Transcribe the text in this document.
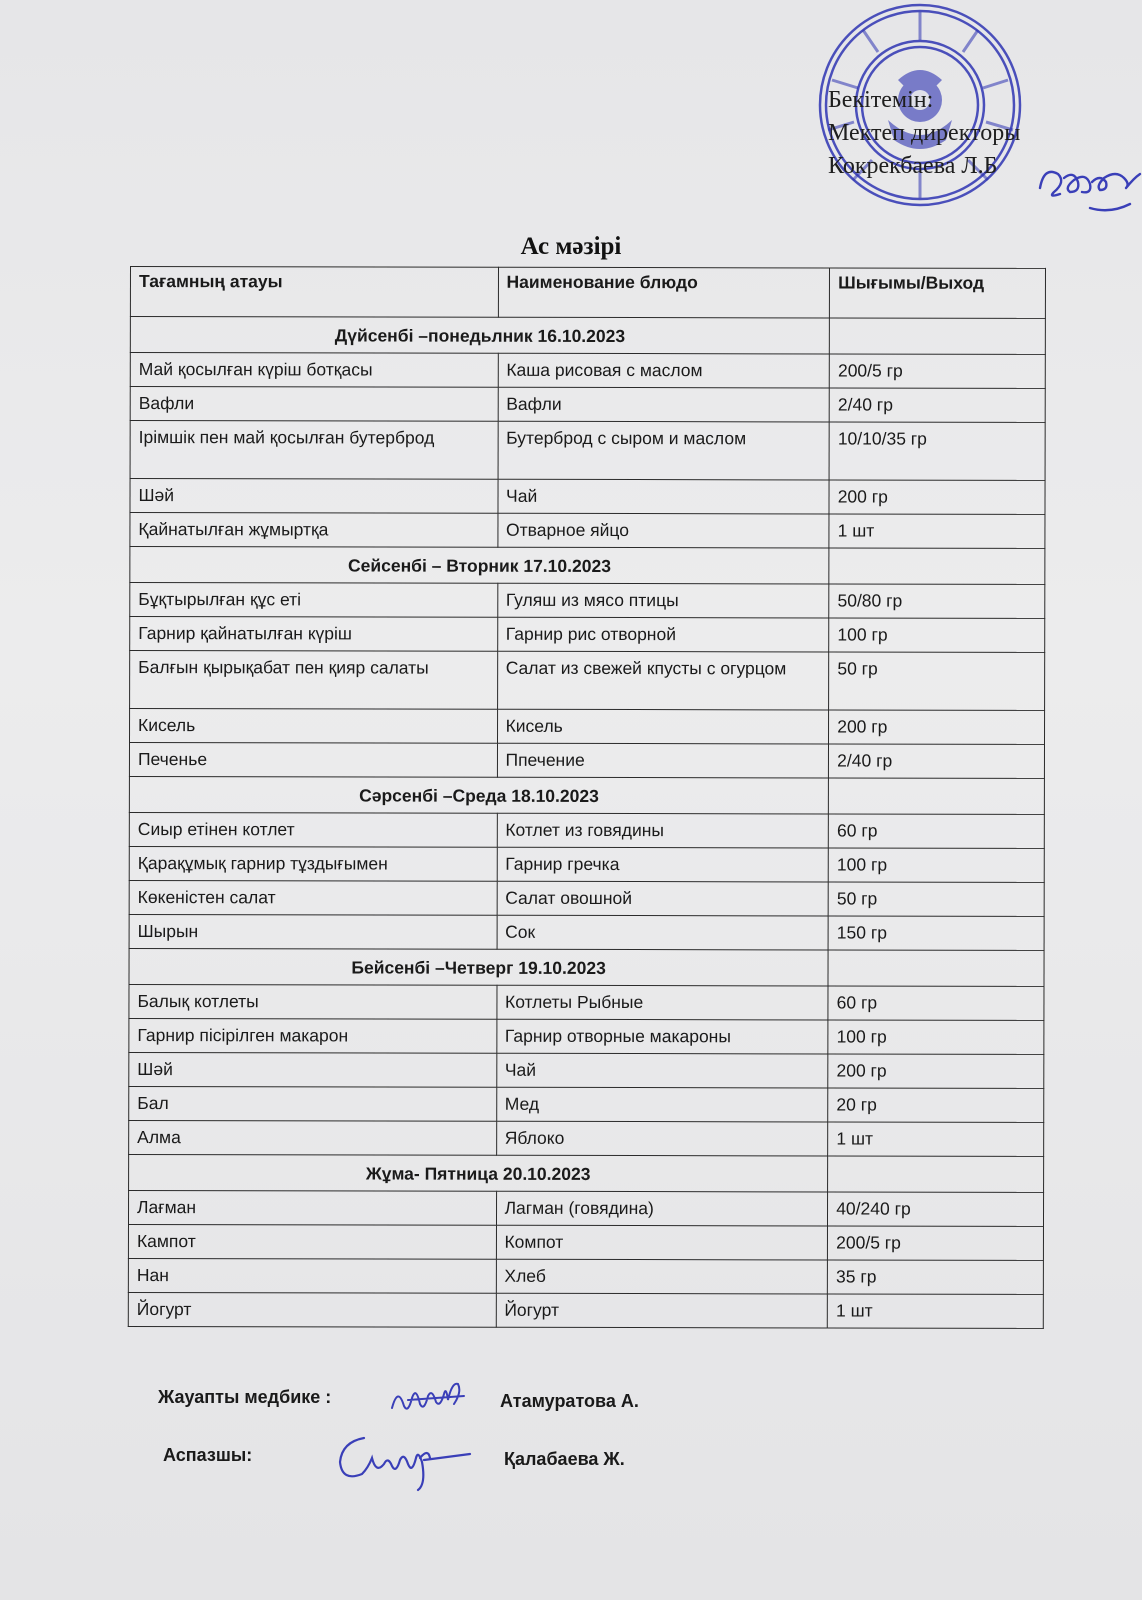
Бекітемін:
Мектеп директоры
Кокрекбаева Л.Б
Ас мәзірі
Тағамның атауы	Наименование блюдо	Шығымы/Выход
Дүйсенбі –понедьлник 16.10.2023		
Май қосылған күріш ботқасы	Каша рисовая с маслом	200/5 гр
Вафли	Вафли	2/40 гр
Ірімшік пен май қосылған бутерброд	Бутерброд с сыром и маслом	10/10/35 гр
Шәй	Чай	200 гр
Қайнатылған жұмыртқа	Отварное яйцо	1 шт
Сейсенбі – Вторник 17.10.2023		
Бұқтырылған құс еті	Гуляш из мясо птицы	50/80 гр
Гарнир қайнатылған күріш	Гарнир рис отворной	100 гр
Балғын қырықабат пен қияр салаты	Салат из свежей кпусты с огурцом	50 гр
Кисель	Кисель	200 гр
Печенье	Ппечение	2/40 гр
Сәрсенбі –Среда 18.10.2023		
Сиыр етінен котлет	Котлет из говядины	60 гр
Қарақұмық гарнир тұздығымен	Гарнир гречка	100 гр
Көкеністен салат	Салат овошной	50 гр
Шырын	Сок	150 гр
Бейсенбі –Четверг 19.10.2023		
Балық котлеты	Котлеты Рыбные	60 гр
Гарнир пісірілген макарон	Гарнир отворные макароны	100 гр
Шәй	Чай	200 гр
Бал	Мед	20 гр
Алма	Яблоко	1 шт
Жұма- Пятница 20.10.2023		
Лағман	Лагман (говядина)	40/240 гр
Кампот	Компот	200/5 гр
Нан	Хлеб	35 гр
Йогурт	Йогурт	1 шт
Жауапты медбике :	Атамуратова А.
Аспазшы:	Қалабаева Ж.
